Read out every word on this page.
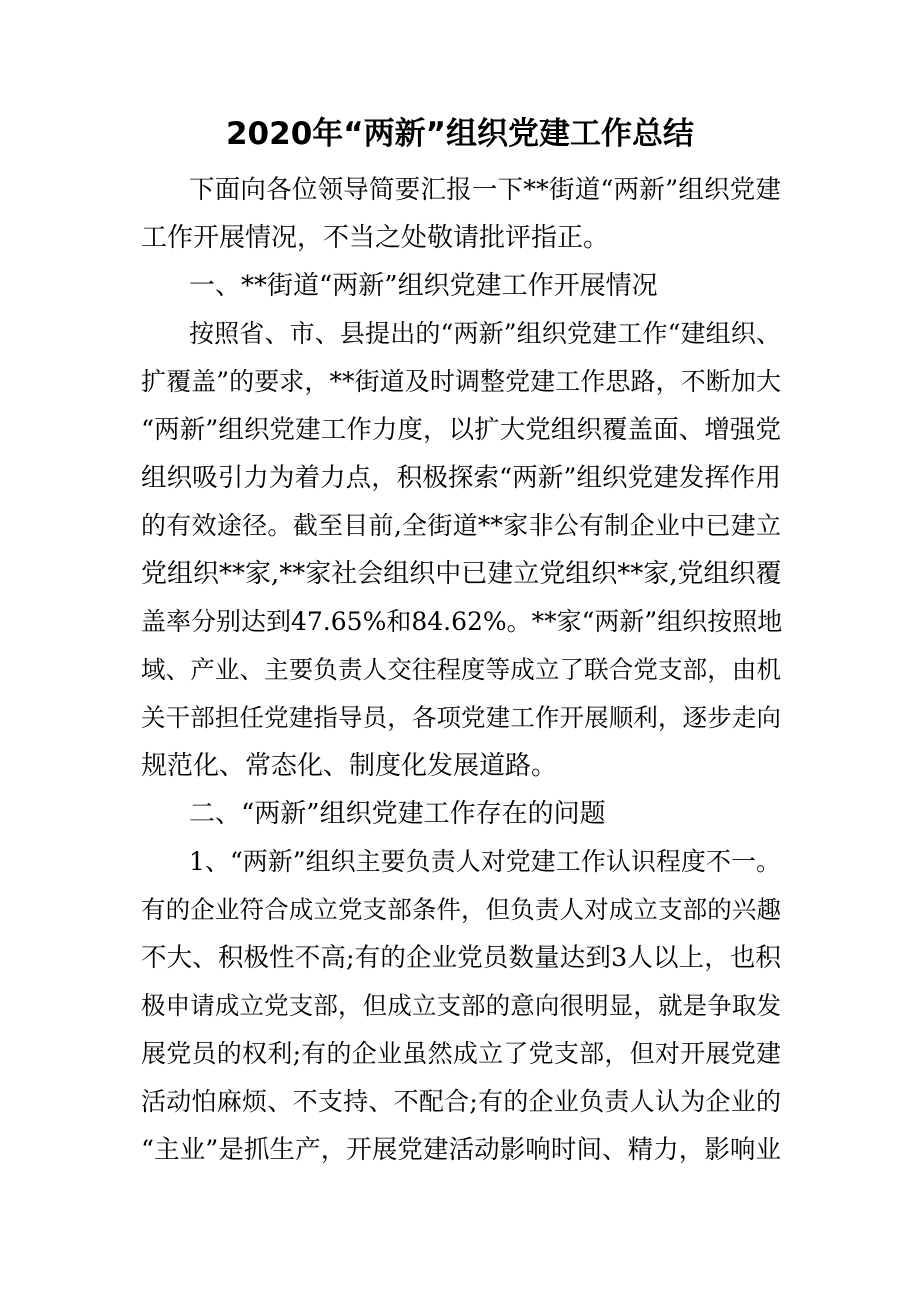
2020年“两新”组织党建工作总结

下面向各位领导简要汇报一下**街道“两新”组织党建

工作开展情况，不当之处敬请批评指正。

一、**街道“两新”组织党建工作开展情况

按照省、市、县提出的“两新”组织党建工作“建组织、

扩覆盖”的要求，**街道及时调整党建工作思路，不断加大

“两新”组织党建工作力度，以扩大党组织覆盖面、增强党

组织吸引力为着力点，积极探索“两新”组织党建发挥作用

的有效途径。截至目前,全街道**家非公有制企业中已建立

党组织**家,**家社会组织中已建立党组织**家,党组织覆

盖率分别达到47.65%和84.62%。**家“两新”组织按照地

域、产业、主要负责人交往程度等成立了联合党支部，由机

关干部担任党建指导员，各项党建工作开展顺利，逐步走向

规范化、常态化、制度化发展道路。

二、“两新”组织党建工作存在的问题

1、“两新”组织主要负责人对党建工作认识程度不一。

有的企业符合成立党支部条件，但负责人对成立支部的兴趣

不大、积极性不高;有的企业党员数量达到3人以上，也积

极申请成立党支部，但成立支部的意向很明显，就是争取发

展党员的权利;有的企业虽然成立了党支部，但对开展党建

活动怕麻烦、不支持、不配合;有的企业负责人认为企业的

“主业”是抓生产，开展党建活动影响时间、精力，影响业
